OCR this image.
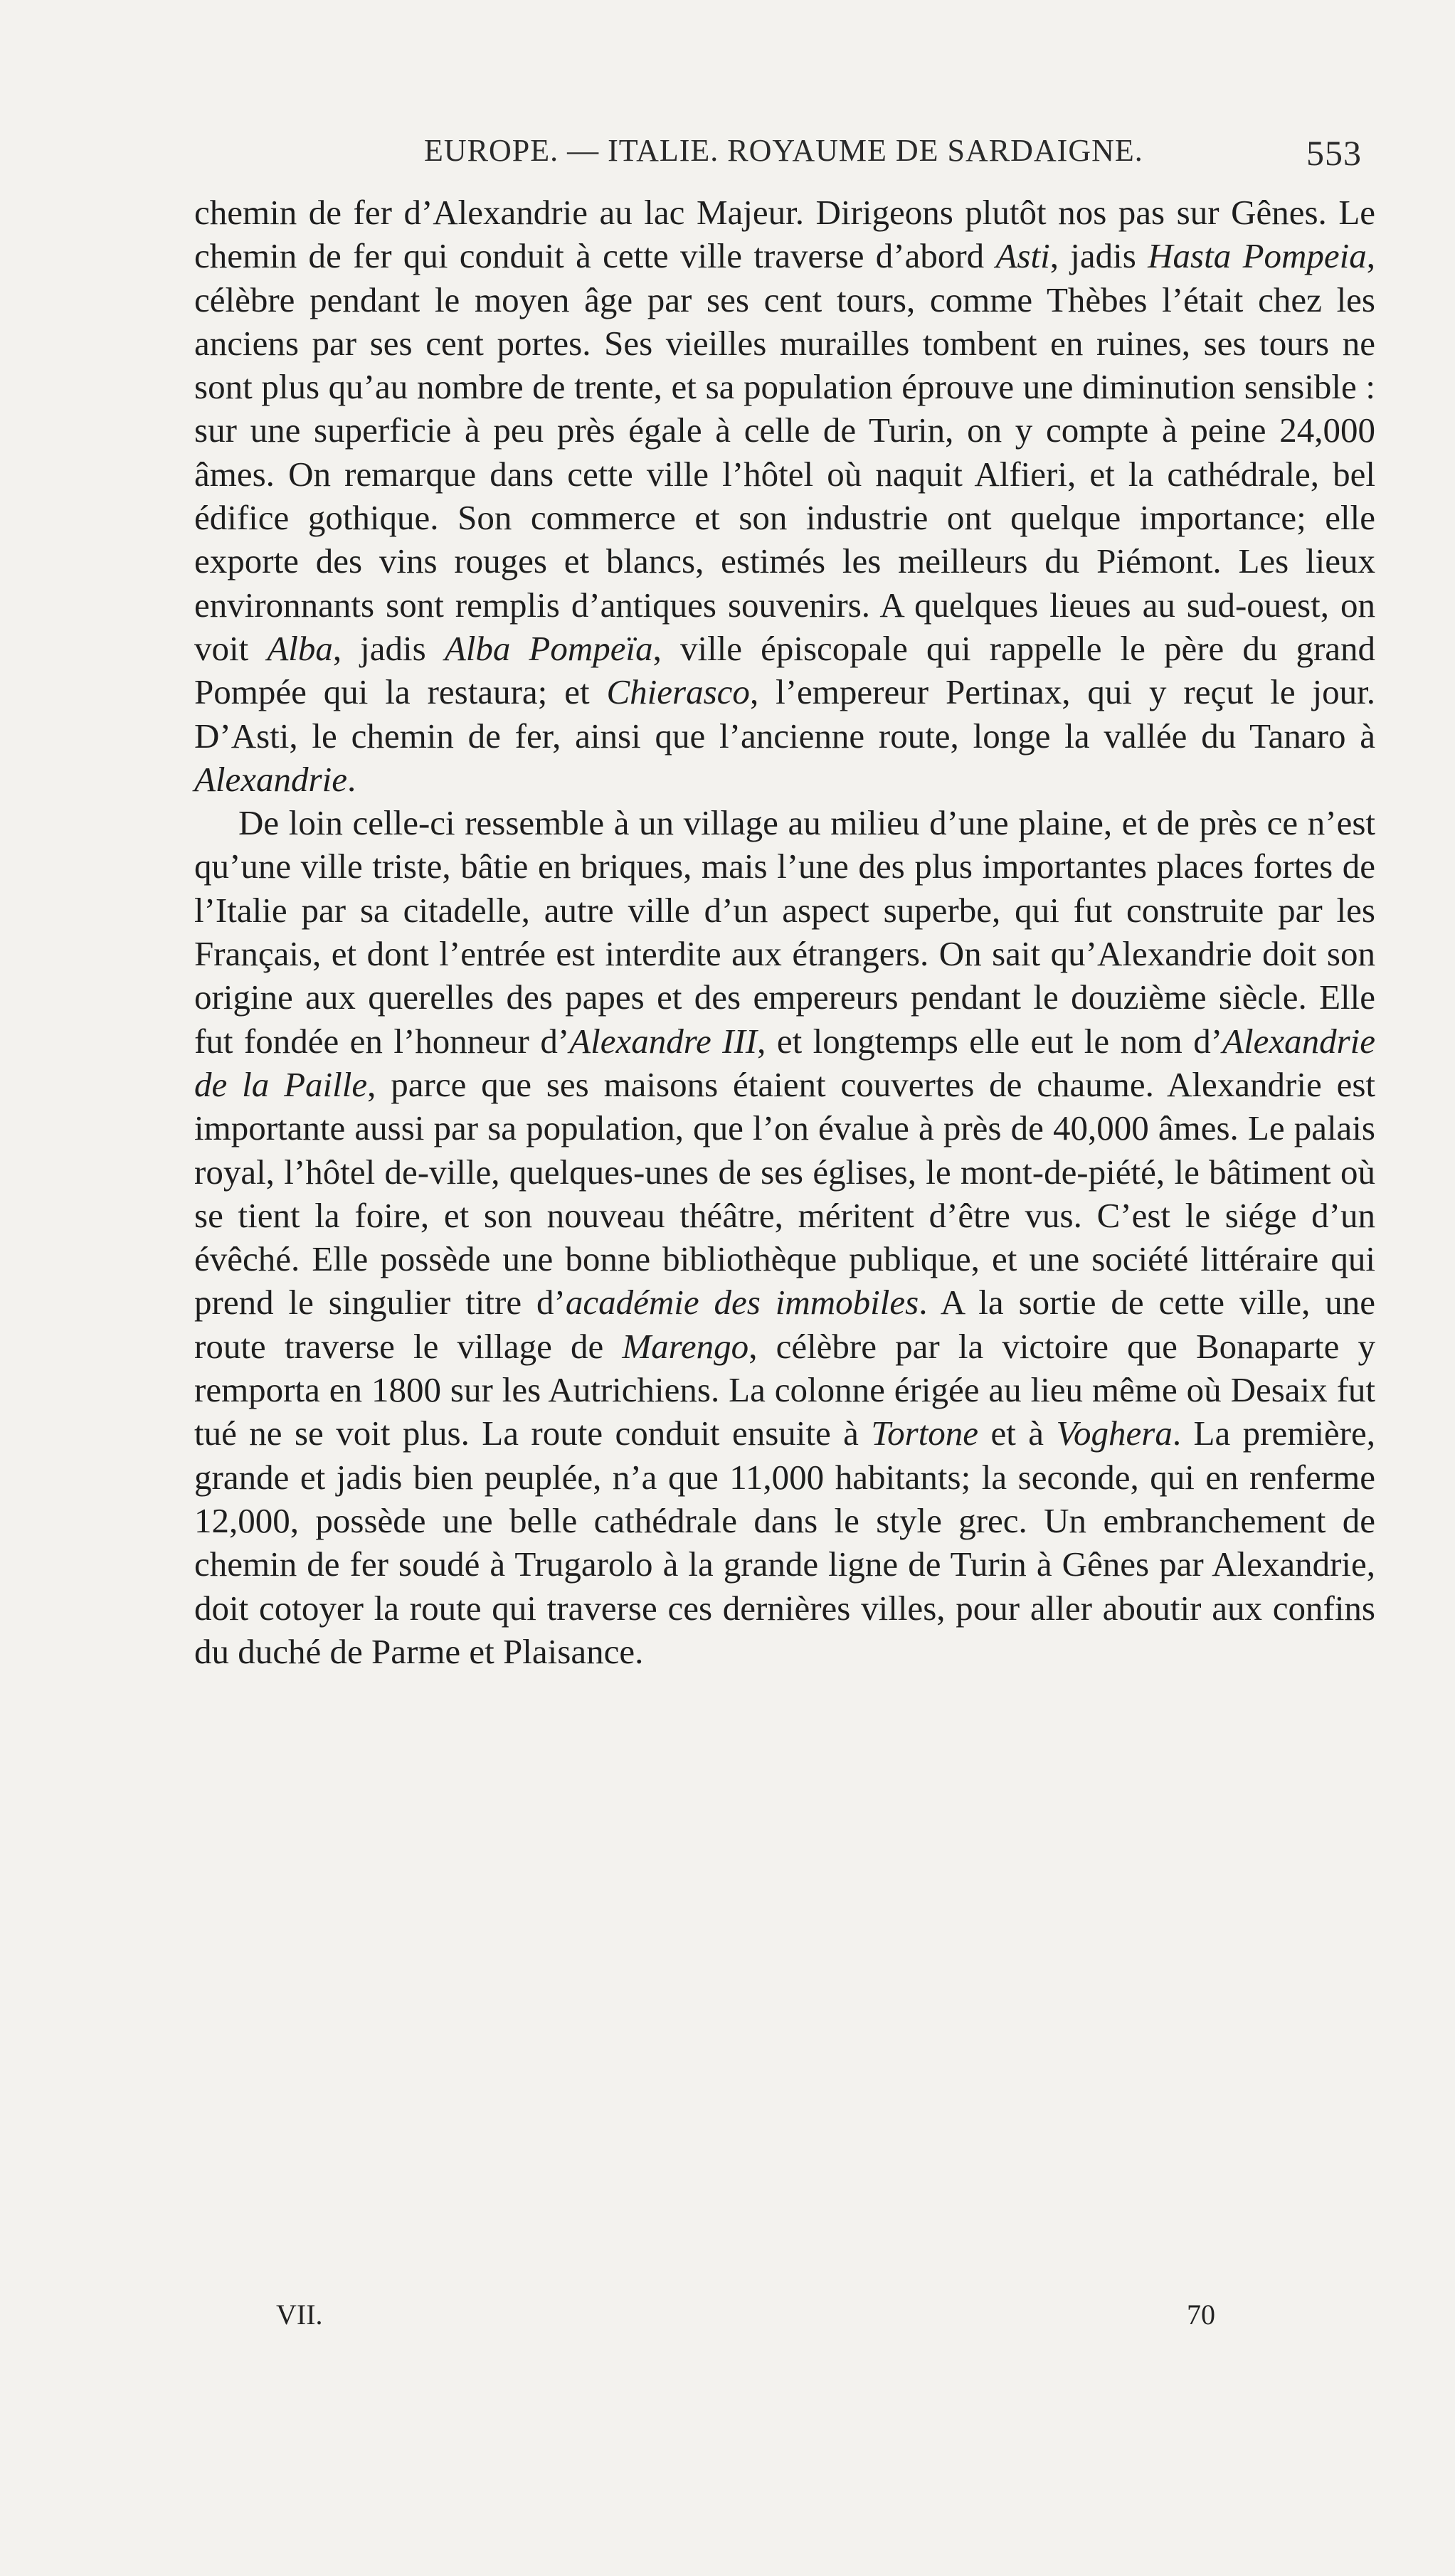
EUROPE. — ITALIE. ROYAUME DE SARDAIGNE.	553

chemin de fer d’Alexandrie au lac Majeur. Dirigeons plutôt nos pas sur Gênes. Le chemin de fer qui conduit à cette ville traverse d’abord Asti, jadis Hasta Pompeia, célèbre pendant le moyen âge par ses cent tours, comme Thèbes l’était chez les anciens par ses cent portes. Ses vieilles murailles tombent en ruines, ses tours ne sont plus qu’au nombre de trente, et sa population éprouve une diminution sensible : sur une superficie à peu près égale à celle de Turin, on y compte à peine 24,000 âmes. On remarque dans cette ville l’hôtel où naquit Alfieri, et la cathédrale, bel édifice gothique. Son commerce et son industrie ont quelque importance; elle exporte des vins rouges et blancs, estimés les meilleurs du Piémont. Les lieux environnants sont remplis d’antiques souvenirs. A quelques lieues au sud-ouest, on voit Alba, jadis Alba Pompeïa, ville épiscopale qui rappelle le père du grand Pompée qui la restaura; et Chierasco, l’empereur Pertinax, qui y reçut le jour. D’Asti, le chemin de fer, ainsi que l’ancienne route, longe la vallée du Tanaro à Alexandrie.

De loin celle-ci ressemble à un village au milieu d’une plaine, et de près ce n’est qu’une ville triste, bâtie en briques, mais l’une des plus importantes places fortes de l’Italie par sa citadelle, autre ville d’un aspect superbe, qui fut construite par les Français, et dont l’entrée est interdite aux étrangers. On sait qu’Alexandrie doit son origine aux querelles des papes et des empereurs pendant le douzième siècle. Elle fut fondée en l’honneur d’Alexandre III, et longtemps elle eut le nom d’Alexandrie de la Paille, parce que ses maisons étaient couvertes de chaume. Alexandrie est importante aussi par sa population, que l’on évalue à près de 40,000 âmes. Le palais royal, l’hôtel de-ville, quelques-unes de ses églises, le mont-de-piété, le bâtiment où se tient la foire, et son nouveau théâtre, méritent d’être vus. C’est le siége d’un évêché. Elle possède une bonne bibliothèque publique, et une société littéraire qui prend le singulier titre d’académie des immobiles. A la sortie de cette ville, une route traverse le village de Marengo, célèbre par la victoire que Bonaparte y remporta en 1800 sur les Autrichiens. La colonne érigée au lieu même où Desaix fut tué ne se voit plus. La route conduit ensuite à Tortone et à Voghera. La première, grande et jadis bien peuplée, n’a que 11,000 habitants; la seconde, qui en renferme 12,000, possède une belle cathédrale dans le style grec. Un embranchement de chemin de fer soudé à Trugarolo à la grande ligne de Turin à Gênes par Alexandrie, doit cotoyer la route qui traverse ces dernières villes, pour aller aboutir aux confins du duché de Parme et Plaisance.

VII.	70
